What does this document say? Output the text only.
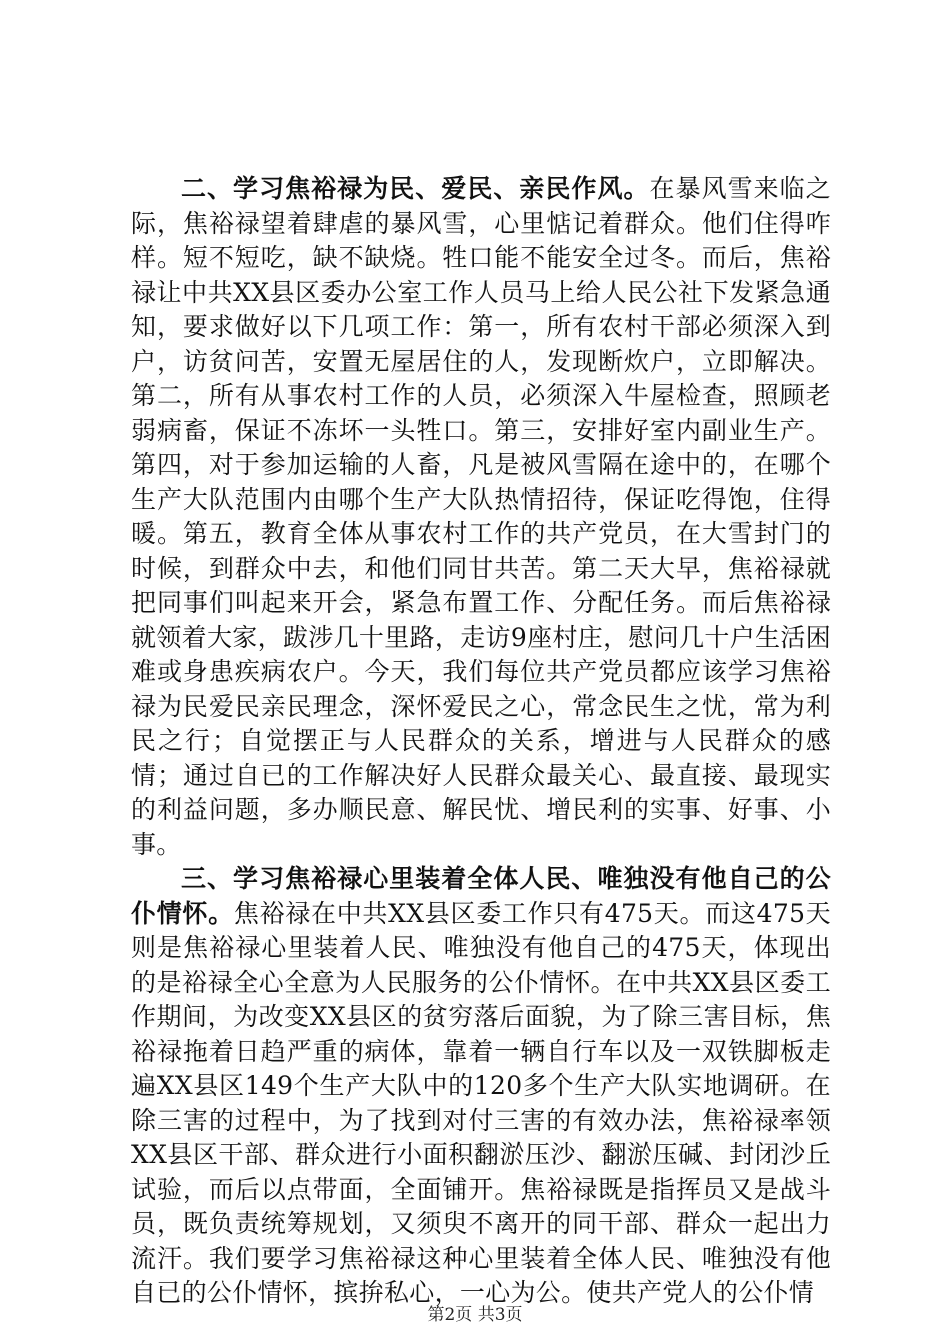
二、学习焦裕禄为民、爱民、亲民作风。在暴风雪来临之际，焦裕禄望着肆虐的暴风雪，心里惦记着群众。他们住得咋样。短不短吃，缺不缺烧。牲口能不能安全过冬。而后，焦裕禄让中共XX县区委办公室工作人员马上给人民公社下发紧急通知，要求做好以下几项工作：第一，所有农村干部必须深入到户，访贫问苦，安置无屋居住的人，发现断炊户，立即解决。第二，所有从事农村工作的人员，必须深入牛屋检查，照顾老弱病畜，保证不冻坏一头牲口。第三，安排好室内副业生产。第四，对于参加运输的人畜，凡是被风雪隔在途中的，在哪个生产大队范围内由哪个生产大队热情招待，保证吃得饱，住得暖。第五，教育全体从事农村工作的共产党员，在大雪封门的时候，到群众中去，和他们同甘共苦。第二天大早，焦裕禄就把同事们叫起来开会，紧急布置工作、分配任务。而后焦裕禄就领着大家，跋涉几十里路，走访9座村庄，慰问几十户生活困难或身患疾病农户。今天，我们每位共产党员都应该学习焦裕禄为民爱民亲民理念，深怀爱民之心，常念民生之忧，常为利民之行；自觉摆正与人民群众的关系，增进与人民群众的感情；通过自已的工作解决好人民群众最关心、最直接、最现实的利益问题，多办顺民意、解民忧、增民利的实事、好事、小事。

三、学习焦裕禄心里装着全体人民、唯独没有他自己的公仆情怀。焦裕禄在中共XX县区委工作只有475天。而这475天则是焦裕禄心里装着人民、唯独没有他自己的475天，体现出的是裕禄全心全意为人民服务的公仆情怀。在中共XX县区委工作期间，为改变XX县区的贫穷落后面貌，为了除三害目标，焦裕禄拖着日趋严重的病体，靠着一辆自行车以及一双铁脚板走遍XX县区149个生产大队中的120多个生产大队实地调研。在除三害的过程中，为了找到对付三害的有效办法，焦裕禄率领XX县区干部、群众进行小面积翻淤压沙、翻淤压碱、封闭沙丘试验，而后以点带面，全面铺开。焦裕禄既是指挥员又是战斗员，既负责统筹规划，又须臾不离开的同干部、群众一起出力流汗。我们要学习焦裕禄这种心里装着全体人民、唯独没有他自已的公仆情怀，摈拚私心，一心为公。使共产党人的公仆情

第2页 共3页
